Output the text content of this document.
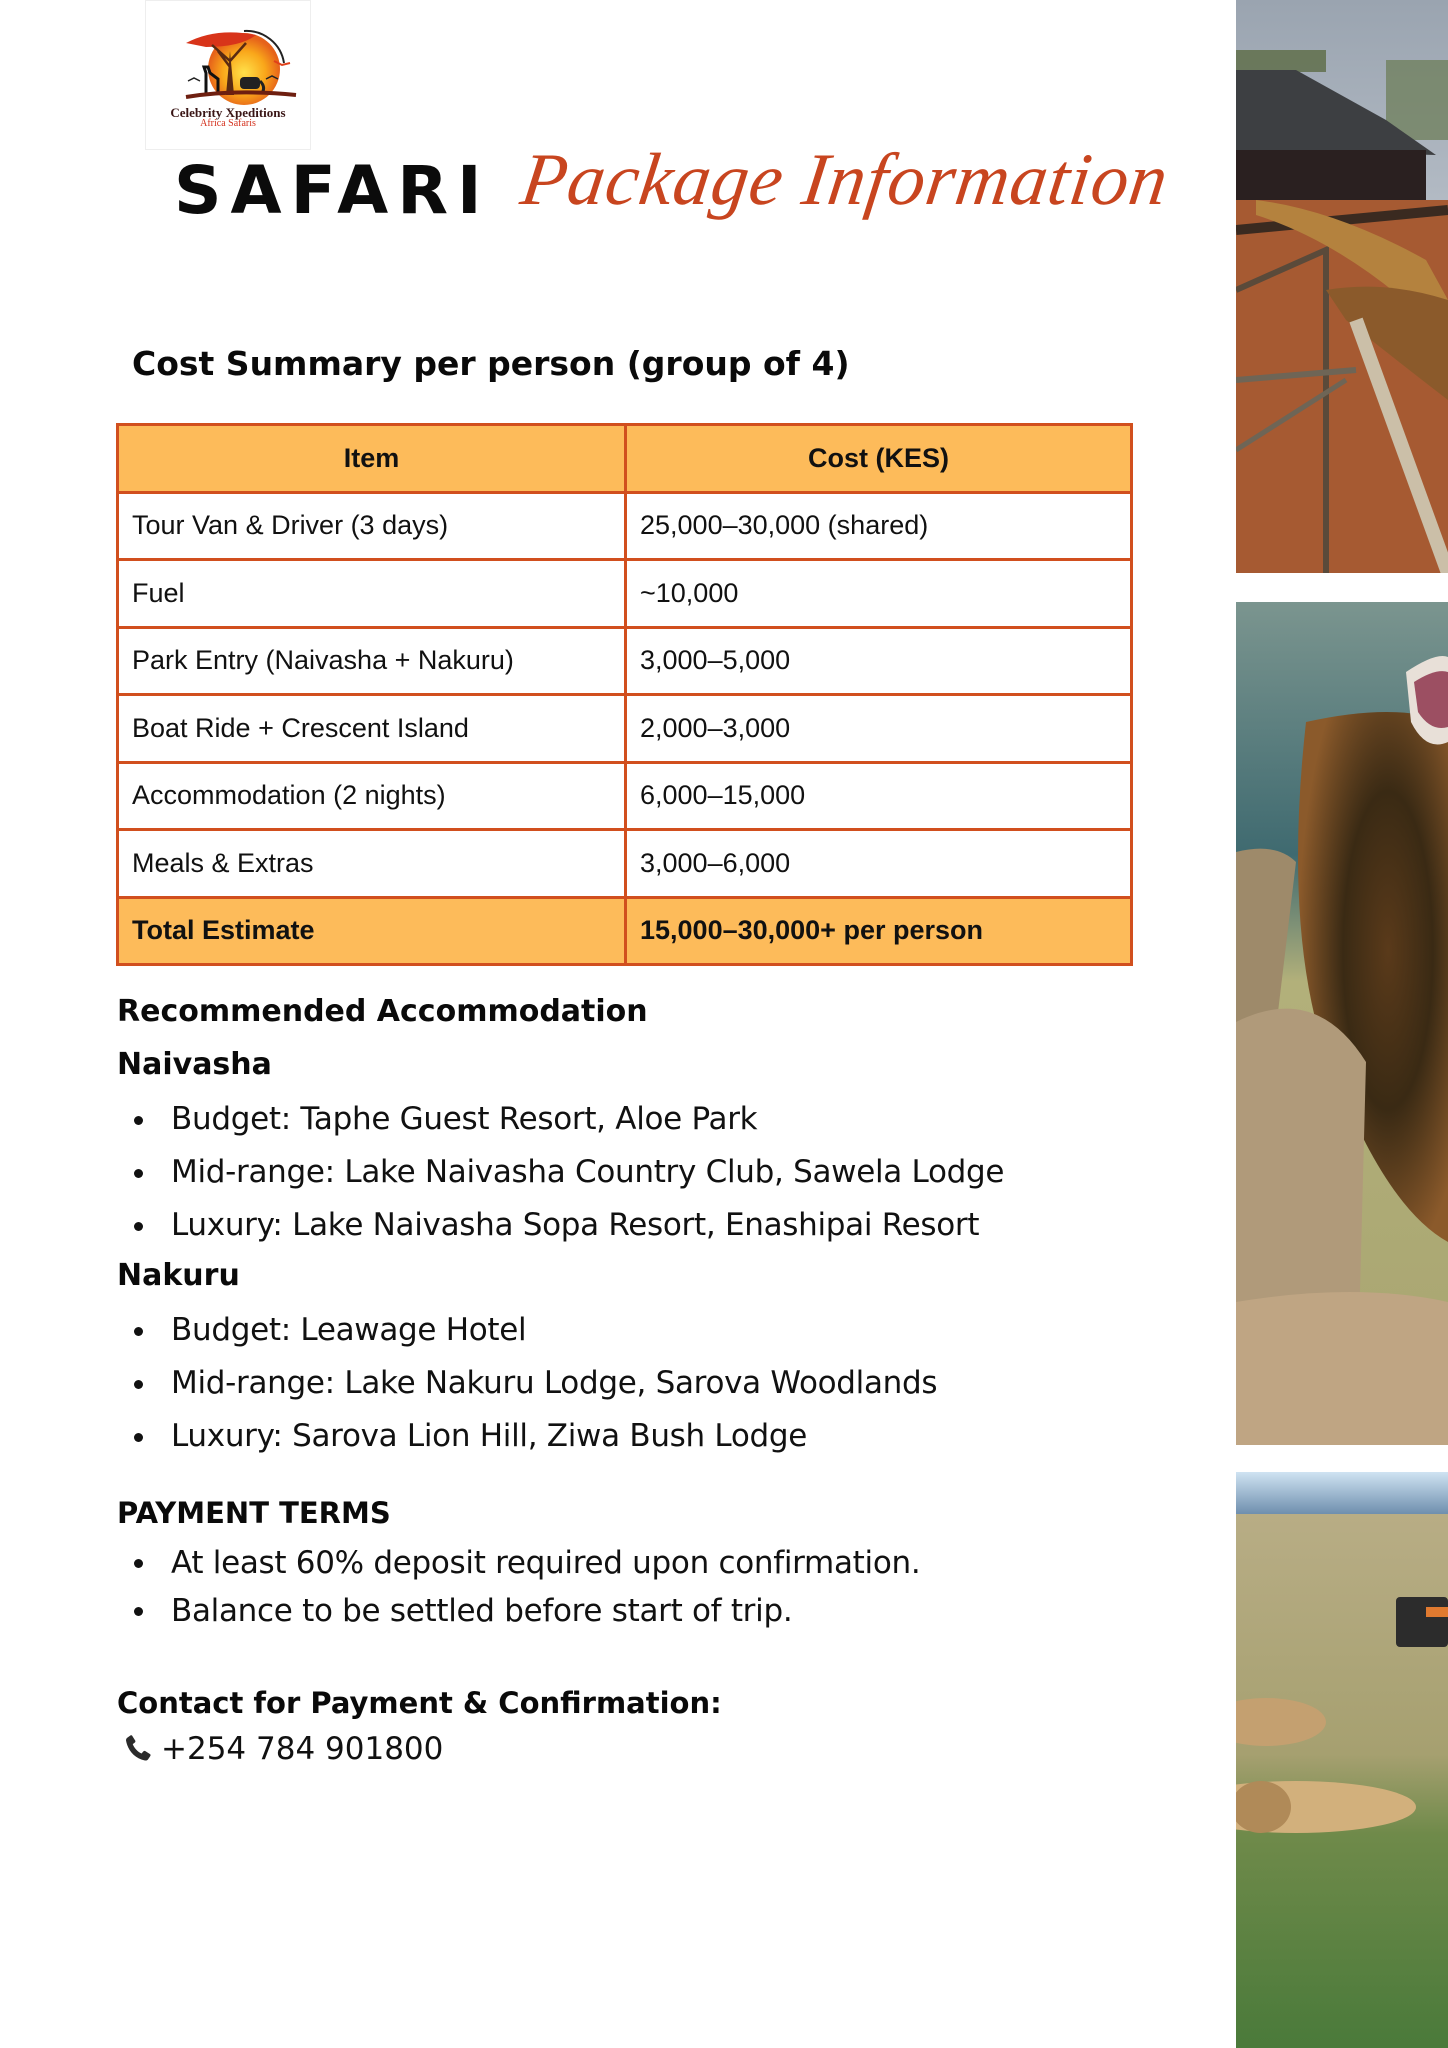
Celebrity Xpeditions
Africa Safaris
SAFARI Package Information
Cost Summary per person (group of 4)
Item	Cost (KES)
Tour Van & Driver (3 days)	25,000–30,000 (shared)
Fuel	~10,000
Park Entry (Naivasha + Nakuru)	3,000–5,000
Boat Ride + Crescent Island	2,000–3,000
Accommodation (2 nights)	6,000–15,000
Meals & Extras	3,000–6,000
Total Estimate	15,000–30,000+ per person
Recommended Accommodation
Naivasha
Budget: Taphe Guest Resort, Aloe Park
Mid-range: Lake Naivasha Country Club, Sawela Lodge
Luxury: Lake Naivasha Sopa Resort, Enashipai Resort
Nakuru
Budget: Leawage Hotel
Mid-range: Lake Nakuru Lodge, Sarova Woodlands
Luxury: Sarova Lion Hill, Ziwa Bush Lodge
PAYMENT TERMS
At least 60% deposit required upon confirmation.
Balance to be settled before start of trip.
Contact for Payment & Confirmation:
+254 784 901800
